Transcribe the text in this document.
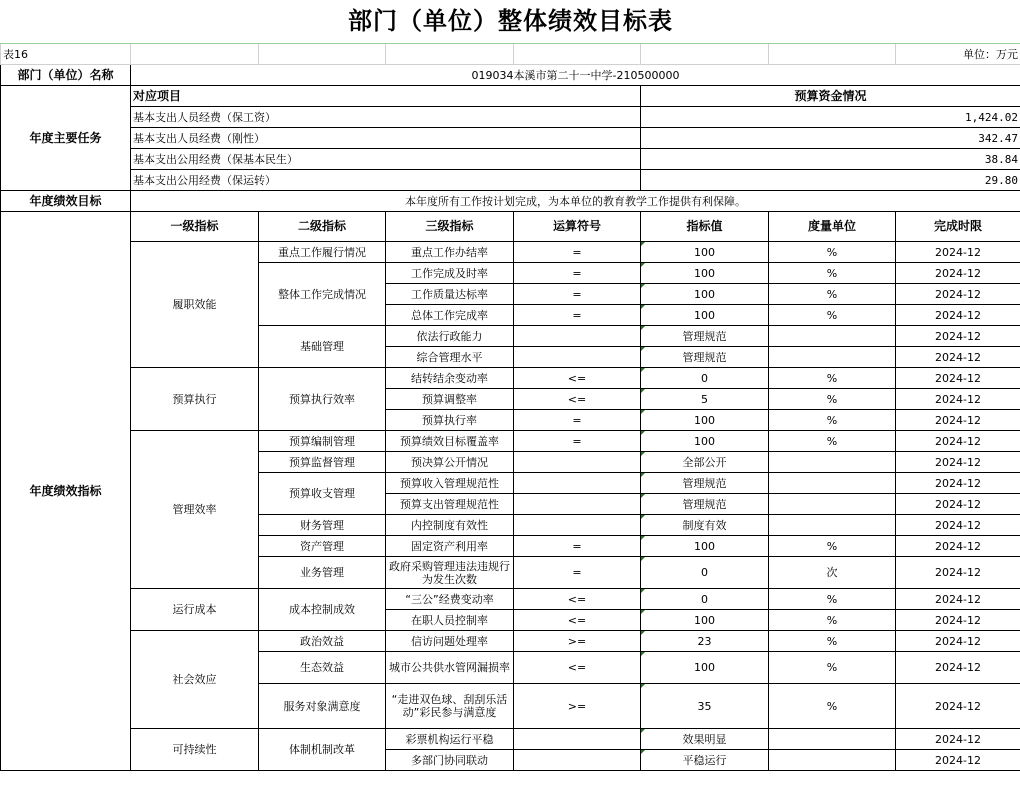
部门（单位）整体绩效目标表							
表16							单位：万元
部门（单位）名称	019034本溪市第二十一中学-210500000						
年度主要任务	对应项目				预算资金情况		
	基本支出人员经费（保工资）				1,424.02		
	基本支出人员经费（刚性）				342.47		
	基本支出公用经费（保基本民生）				38.84		
	基本支出公用经费（保运转）				29.80		
年度绩效目标	本年度所有工作按计划完成，为本单位的教育教学工作提供有利保障。						
年度绩效指标	一级指标	二级指标	三级指标	运算符号	指标值	度量单位	完成时限
	履职效能	重点工作履行情况	重点工作办结率	=	100	%	2024-12
		整体工作完成情况	工作完成及时率	=	100	%	2024-12
			工作质量达标率	=	100	%	2024-12
			总体工作完成率	=	100	%	2024-12
		基础管理	依法行政能力		管理规范		2024-12
			综合管理水平		管理规范		2024-12
	预算执行	预算执行效率	结转结余变动率	<=	0	%	2024-12
			预算调整率	<=	5	%	2024-12
			预算执行率	=	100	%	2024-12
	管理效率	预算编制管理	预算绩效目标覆盖率	=	100	%	2024-12
		预算监督管理	预决算公开情况		全部公开		2024-12
		预算收支管理	预算收入管理规范性		管理规范		2024-12
			预算支出管理规范性		管理规范		2024-12
		财务管理	内控制度有效性		制度有效		2024-12
		资产管理	固定资产利用率	=	100	%	2024-12
		业务管理	政府采购管理违法违规行为发生次数	=	0	次	2024-12
	运行成本	成本控制成效	“三公”经费变动率	<=	0	%	2024-12
			在职人员控制率	<=	100	%	2024-12
	社会效应	政治效益	信访问题处理率	>=	23	%	2024-12
		生态效益	城市公共供水管网漏损率	<=	100	%	2024-12
		服务对象满意度	“走进双色球、刮刮乐活动”彩民参与满意度	>=	35	%	2024-12
	可持续性	体制机制改革	彩票机构运行平稳		效果明显		2024-12
			多部门协同联动		平稳运行		2024-12
